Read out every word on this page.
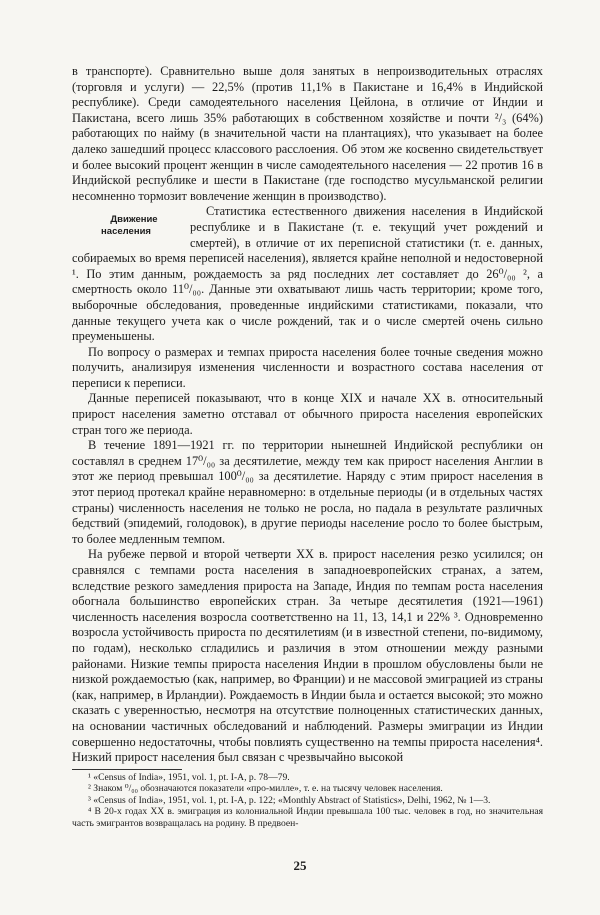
в транспорте). Сравнительно выше доля занятых в непроизводительных отраслях (торговля и услуги) — 22,5% (против 11,1% в Пакистане и 16,4% в Индийской республике). Среди самодеятельного населения Цейлона, в отличие от Индии и Пакистана, всего лишь 35% работающих в собственном хозяйстве и почти ²/₃ (64%) работающих по найму (в значительной части на плантациях), что указывает на более далеко зашедший процесс классового расслоения. Об этом же косвенно свидетельствует и более высокий процент женщин в числе самодеятельного населения — 22 против 16 в Индийской республике и шести в Пакистане (где господство мусульманской религии несомненно тормозит вовлечение женщин в производство).

Движение населения
Статистика естественного движения населения в Индийской республике и в Пакистане (т. е. текущий учет рождений и смертей), в отличие от их переписной статистики (т. е. данных, собираемых во время переписей населения), является крайне неполной и недостоверной ¹. По этим данным, рождаемость за ряд последних лет составляет до 26⁰/₀₀ ², а смертность около 11⁰/₀₀. Данные эти охватывают лишь часть территории; кроме того, выборочные обследования, проведенные индийскими статистиками, показали, что данные текущего учета как о числе рождений, так и о числе смертей очень сильно преуменьшены.

По вопросу о размерах и темпах прироста населения более точные сведения можно получить, анализируя изменения численности и возрастного состава населения от переписи к переписи.

Данные переписей показывают, что в конце XIX и начале XX в. относительный прирост населения заметно отставал от обычного прироста населения европейских стран того же периода.

В течение 1891—1921 гг. по территории нынешней Индийской республики он составлял в среднем 17⁰/₀₀ за десятилетие, между тем как прирост населения Англии в этот же период превышал 100⁰/₀₀ за десятилетие. Наряду с этим прирост населения в этот период протекал крайне неравномерно: в отдельные периоды (и в отдельных частях страны) численность населения не только не росла, но падала в результате различных бедствий (эпидемий, голодовок), в другие периоды население росло то более быстрым, то более медленным темпом.

На рубеже первой и второй четверти XX в. прирост населения резко усилился; он сравнялся с темпами роста населения в западноевропейских странах, а затем, вследствие резкого замедления прироста на Западе, Индия по темпам роста населения обогнала большинство европейских стран. За четыре десятилетия (1921—1961) численность населения возросла соответственно на 11, 13, 14,1 и 22% ³. Одновременно возросла устойчивость прироста по десятилетиям (и в известной степени, по-видимому, по годам), несколько сгладились и различия в этом отношении между разными районами. Низкие темпы прироста населения Индии в прошлом обусловлены были не низкой рождаемостью (как, например, во Франции) и не массовой эмиграцией из страны (как, например, в Ирландии). Рождаемость в Индии была и остается высокой; это можно сказать с уверенностью, несмотря на отсутствие полноценных статистических данных, на основании частичных обследований и наблюдений. Размеры эмиграции из Индии совершенно недостаточны, чтобы повлиять существенно на темпы прироста населения⁴. Низкий прирост населения был связан с чрезвычайно высокой

¹ «Census of India», 1951, vol. 1, pt. I-A, p. 78—79.

² Знаком ⁰/₀₀ обозначаются показатели «про-милле», т. е. на тысячу человек населения.

³ «Census of India», 1951, vol. 1, pt. I-A, p. 122; «Monthly Abstract of Statistics», Delhi, 1962, № 1—3.

⁴ В 20-х годах XX в. эмиграция из колониальной Индии превышала 100 тыс. человек в год, но значительная часть эмигрантов возвращалась на родину. В предвоен-

25
